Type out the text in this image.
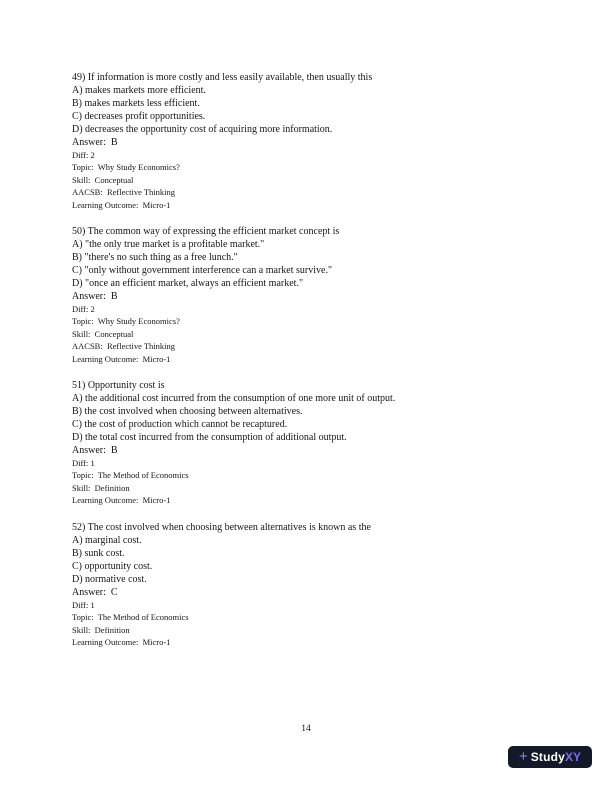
49) If information is more costly and less easily available, then usually this
A) makes markets more efficient.
B) makes markets less efficient.
C) decreases profit opportunities.
D) decreases the opportunity cost of acquiring more information.
Answer:  B
Diff: 2
Topic:  Why Study Economics?
Skill:  Conceptual
AACSB:  Reflective Thinking
Learning Outcome:  Micro-1
50) The common way of expressing the efficient market concept is
A) "the only true market is a profitable market."
B) "there's no such thing as a free lunch."
C) "only without government interference can a market survive."
D) "once an efficient market, always an efficient market."
Answer:  B
Diff: 2
Topic:  Why Study Economics?
Skill:  Conceptual
AACSB:  Reflective Thinking
Learning Outcome:  Micro-1
51) Opportunity cost is
A) the additional cost incurred from the consumption of one more unit of output.
B) the cost involved when choosing between alternatives.
C) the cost of production which cannot be recaptured.
D) the total cost incurred from the consumption of additional output.
Answer:  B
Diff: 1
Topic:  The Method of Economics
Skill:  Definition
Learning Outcome:  Micro-1
52) The cost involved when choosing between alternatives is known as the
A) marginal cost.
B) sunk cost.
C) opportunity cost.
D) normative cost.
Answer:  C
Diff: 1
Topic:  The Method of Economics
Skill:  Definition
Learning Outcome:  Micro-1
14
+ Study XY
